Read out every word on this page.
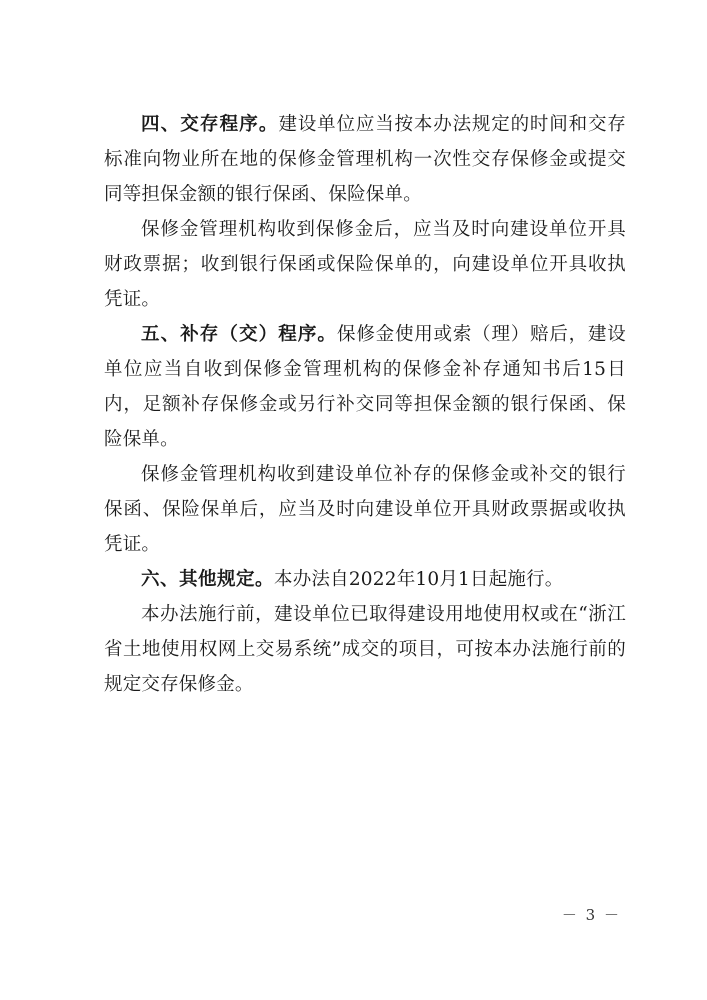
四、交存程序。建设单位应当按本办法规定的时间和交存标准向物业所在地的保修金管理机构一次性交存保修金或提交同等担保金额的银行保函、保险保单。

保修金管理机构收到保修金后，应当及时向建设单位开具财政票据；收到银行保函或保险保单的，向建设单位开具收执凭证。

五、补存（交）程序。保修金使用或索（理）赔后，建设单位应当自收到保修金管理机构的保修金补存通知书后15日内，足额补存保修金或另行补交同等担保金额的银行保函、保险保单。

保修金管理机构收到建设单位补存的保修金或补交的银行保函、保险保单后，应当及时向建设单位开具财政票据或收执凭证。

六、其他规定。本办法自2022年10月1日起施行。

本办法施行前，建设单位已取得建设用地使用权或在“浙江省土地使用权网上交易系统”成交的项目，可按本办法施行前的规定交存保修金。

－ 3 －
